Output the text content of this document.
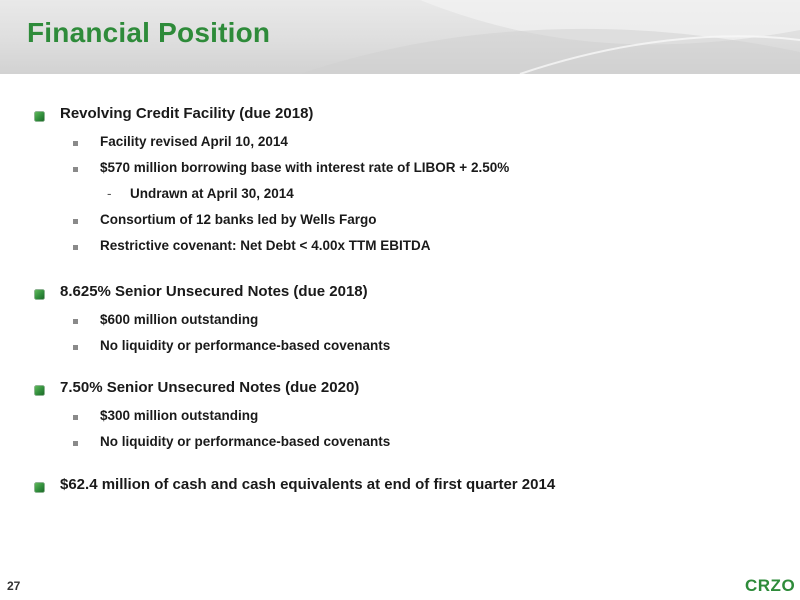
Financial Position
Revolving Credit Facility (due 2018)
Facility revised April 10, 2014
$570 million borrowing base with interest rate of LIBOR + 2.50%
- Undrawn at April 30, 2014
Consortium of 12 banks led by Wells Fargo
Restrictive covenant: Net Debt < 4.00x TTM EBITDA
8.625% Senior Unsecured Notes (due 2018)
$600 million outstanding
No liquidity or performance-based covenants
7.50% Senior Unsecured Notes (due 2020)
$300 million outstanding
No liquidity or performance-based covenants
$62.4 million of cash and cash equivalents at end of first quarter 2014
27	CRZO
